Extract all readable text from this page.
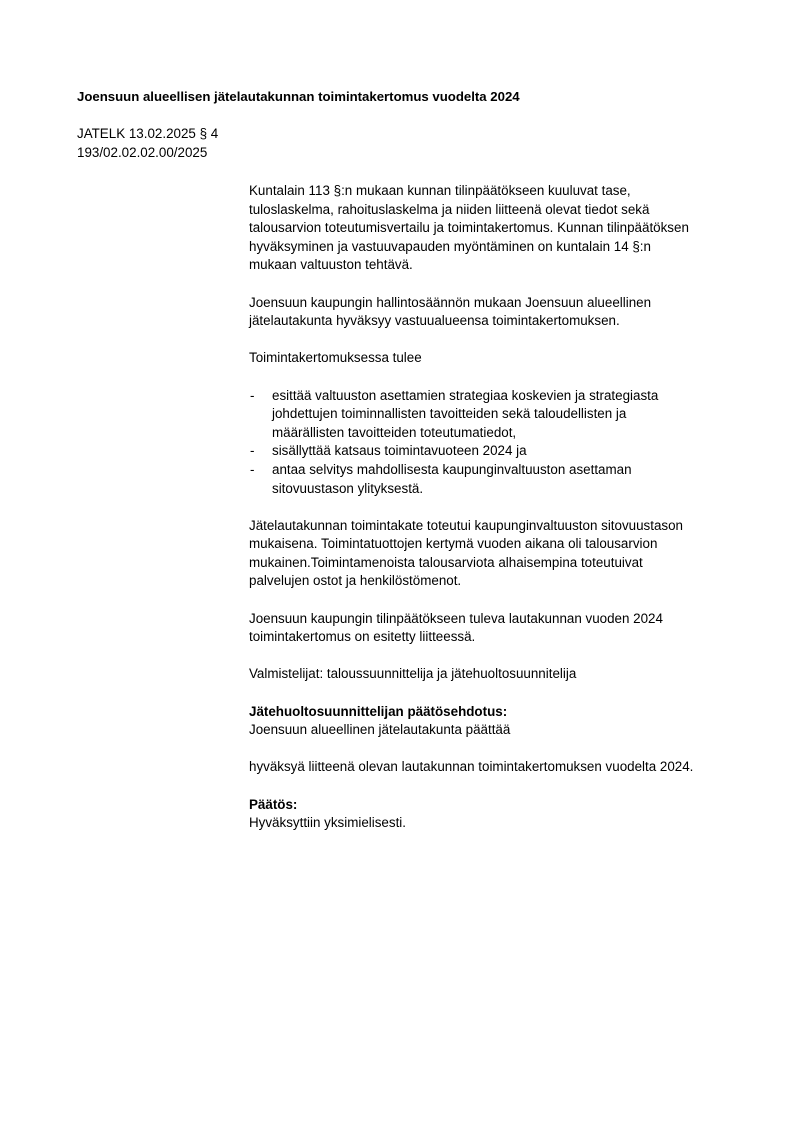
Joensuun alueellisen jätelautakunnan toimintakertomus vuodelta 2024
JATELK 13.02.2025 § 4
193/02.02.02.00/2025

Kuntalain 113 §:n mukaan kunnan tilinpäätökseen kuuluvat tase,
tuloslaskelma, rahoituslaskelma ja niiden liitteenä olevat tiedot sekä
talousarvion toteutumisvertailu ja toimintakertomus. Kunnan tilinpäätöksen
hyväksyminen ja vastuuvapauden myöntäminen on kuntalain 14 §:n
mukaan valtuuston tehtävä.

Joensuun kaupungin hallintosäännön mukaan Joensuun alueellinen
jätelautakunta hyväksyy vastuualueensa toimintakertomuksen.

Toimintakertomuksessa tulee

- esittää valtuuston asettamien strategiaa koskevien ja strategiasta
johdettujen toiminnallisten tavoitteiden sekä taloudellisten ja
määrällisten tavoitteiden toteutumatiedot,
- sisällyttää katsaus toimintavuoteen 2024 ja
- antaa selvitys mahdollisesta kaupunginvaltuuston asettaman
sitovuustason ylityksestä.

Jätelautakunnan toimintakate toteutui kaupunginvaltuuston sitovuustason
mukaisena. Toimintatuottojen kertymä vuoden aikana oli talousarvion
mukainen.Toimintamenoista talousarviota alhaisempina toteutuivat
palvelujen ostot ja henkilöstömenot.

Joensuun kaupungin tilinpäätökseen tuleva lautakunnan vuoden 2024
toimintakertomus on esitetty liitteessä.

Valmistelijat: taloussuunnittelija ja jätehuoltosuunnitelija

Jätehuoltosuunnittelijan päätösehdotus:
Joensuun alueellinen jätelautakunta päättää

hyväksyä liitteenä olevan lautakunnan toimintakertomuksen vuodelta 2024.

Päätös:
Hyväksyttiin yksimielisesti.
